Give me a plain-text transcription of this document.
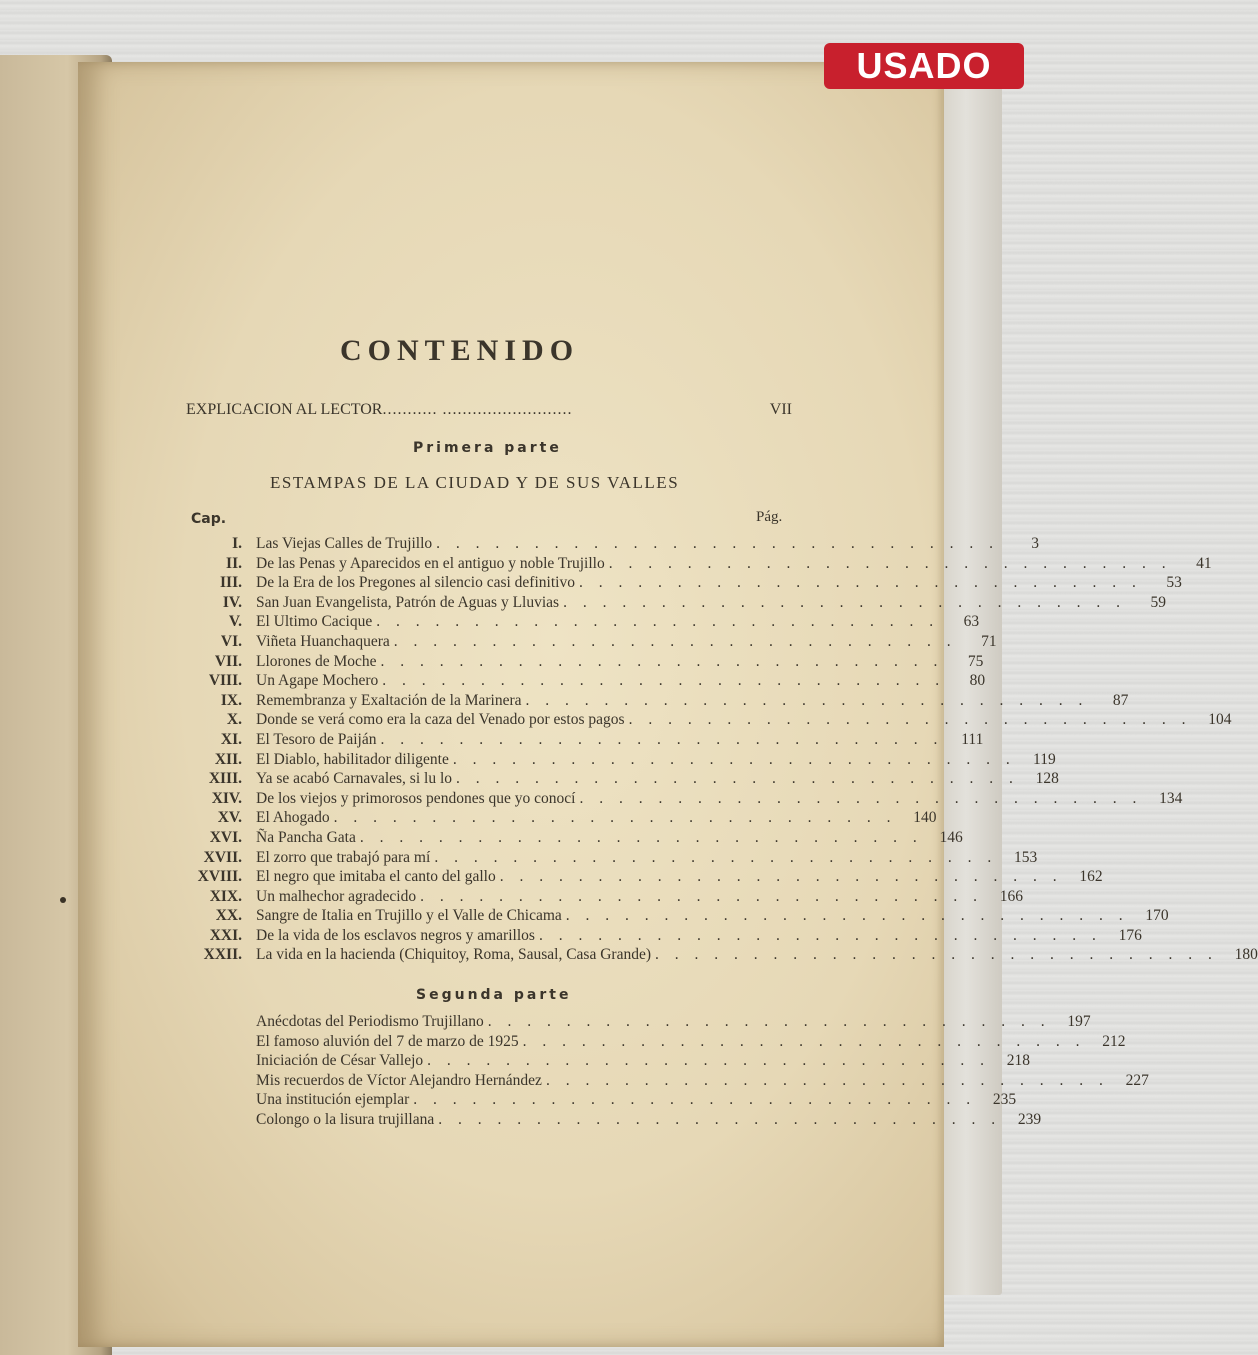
USADO
CONTENIDO
EXPLICACION AL LECTOR ........... ..........................	VII
Primera parte
ESTAMPAS DE LA CIUDAD Y DE SUS VALLES
Cap.	Pág.
I. Las Viejas Calles de Trujillo . . . . . . . . . . . . . . . . . . . . . . . . . . . . .	3
II. De las Penas y Aparecidos en el antiguo y noble Trujillo . . . . . . . . . . . . . . . . . . . . . . . . . . . . .	41
III. De la Era de los Pregones al silencio casi definitivo . . . . . . . . . . . . . . . . . . . . . . . . . . . . .	53
IV. San Juan Evangelista, Patrón de Aguas y Lluvias . . . . . . . . . . . . . . . . . . . . . . . . . . . . .	59
V. El Ultimo Cacique . . . . . . . . . . . . . . . . . . . . . . . . . . . . .	63
VI. Viñeta Huanchaquera . . . . . . . . . . . . . . . . . . . . . . . . . . . . .	71
VII. Llorones de Moche . . . . . . . . . . . . . . . . . . . . . . . . . . . . .	75
VIII. Un Agape Mochero . . . . . . . . . . . . . . . . . . . . . . . . . . . . .	80
IX. Remembranza y Exaltación de la Marinera . . . . . . . . . . . . . . . . . . . . . . . . . . . . .	87
X. Donde se verá como era la caza del Venado por estos pagos . . . . . . . . . . . . . . . . . . . . . . . . . . . . .	104
XI. El Tesoro de Paiján . . . . . . . . . . . . . . . . . . . . . . . . . . . . .	111
XII. El Diablo, habilitador diligente . . . . . . . . . . . . . . . . . . . . . . . . . . . . .	119
XIII. Ya se acabó Carnavales, si lu lo . . . . . . . . . . . . . . . . . . . . . . . . . . . . .	128
XIV. De los viejos y primorosos pendones que yo conocí . . . . . . . . . . . . . . . . . . . . . . . . . . . . .	134
XV. El Ahogado . . . . . . . . . . . . . . . . . . . . . . . . . . . . .	140
XVI. Ña Pancha Gata . . . . . . . . . . . . . . . . . . . . . . . . . . . . .	146
XVII. El zorro que trabajó para mí . . . . . . . . . . . . . . . . . . . . . . . . . . . . .	153
XVIII. El negro que imitaba el canto del gallo . . . . . . . . . . . . . . . . . . . . . . . . . . . . .	162
XIX. Un malhechor agradecido . . . . . . . . . . . . . . . . . . . . . . . . . . . . .	166
XX. Sangre de Italia en Trujillo y el Valle de Chicama . . . . . . . . . . . . . . . . . . . . . . . . . . . . .	170
XXI. De la vida de los esclavos negros y amarillos . . . . . . . . . . . . . . . . . . . . . . . . . . . . .	176
XXII. La vida en la hacienda (Chiquitoy, Roma, Sausal, Casa Grande) . . . . . . . . . . . . . . . . . . . . . . . . . . . . .	180
Segunda parte
Anécdotas del Periodismo Trujillano . . . . . . . . . . . . . . . . . . . . . . . . . . . . .	197
El famoso aluvión del 7 de marzo de 1925 . . . . . . . . . . . . . . . . . . . . . . . . . . . . .	212
Iniciación de César Vallejo . . . . . . . . . . . . . . . . . . . . . . . . . . . . .	218
Mis recuerdos de Víctor Alejandro Hernández . . . . . . . . . . . . . . . . . . . . . . . . . . . . .	227
Una institución ejemplar . . . . . . . . . . . . . . . . . . . . . . . . . . . . .	235
Colongo o la lisura trujillana . . . . . . . . . . . . . . . . . . . . . . . . . . . . .	239
